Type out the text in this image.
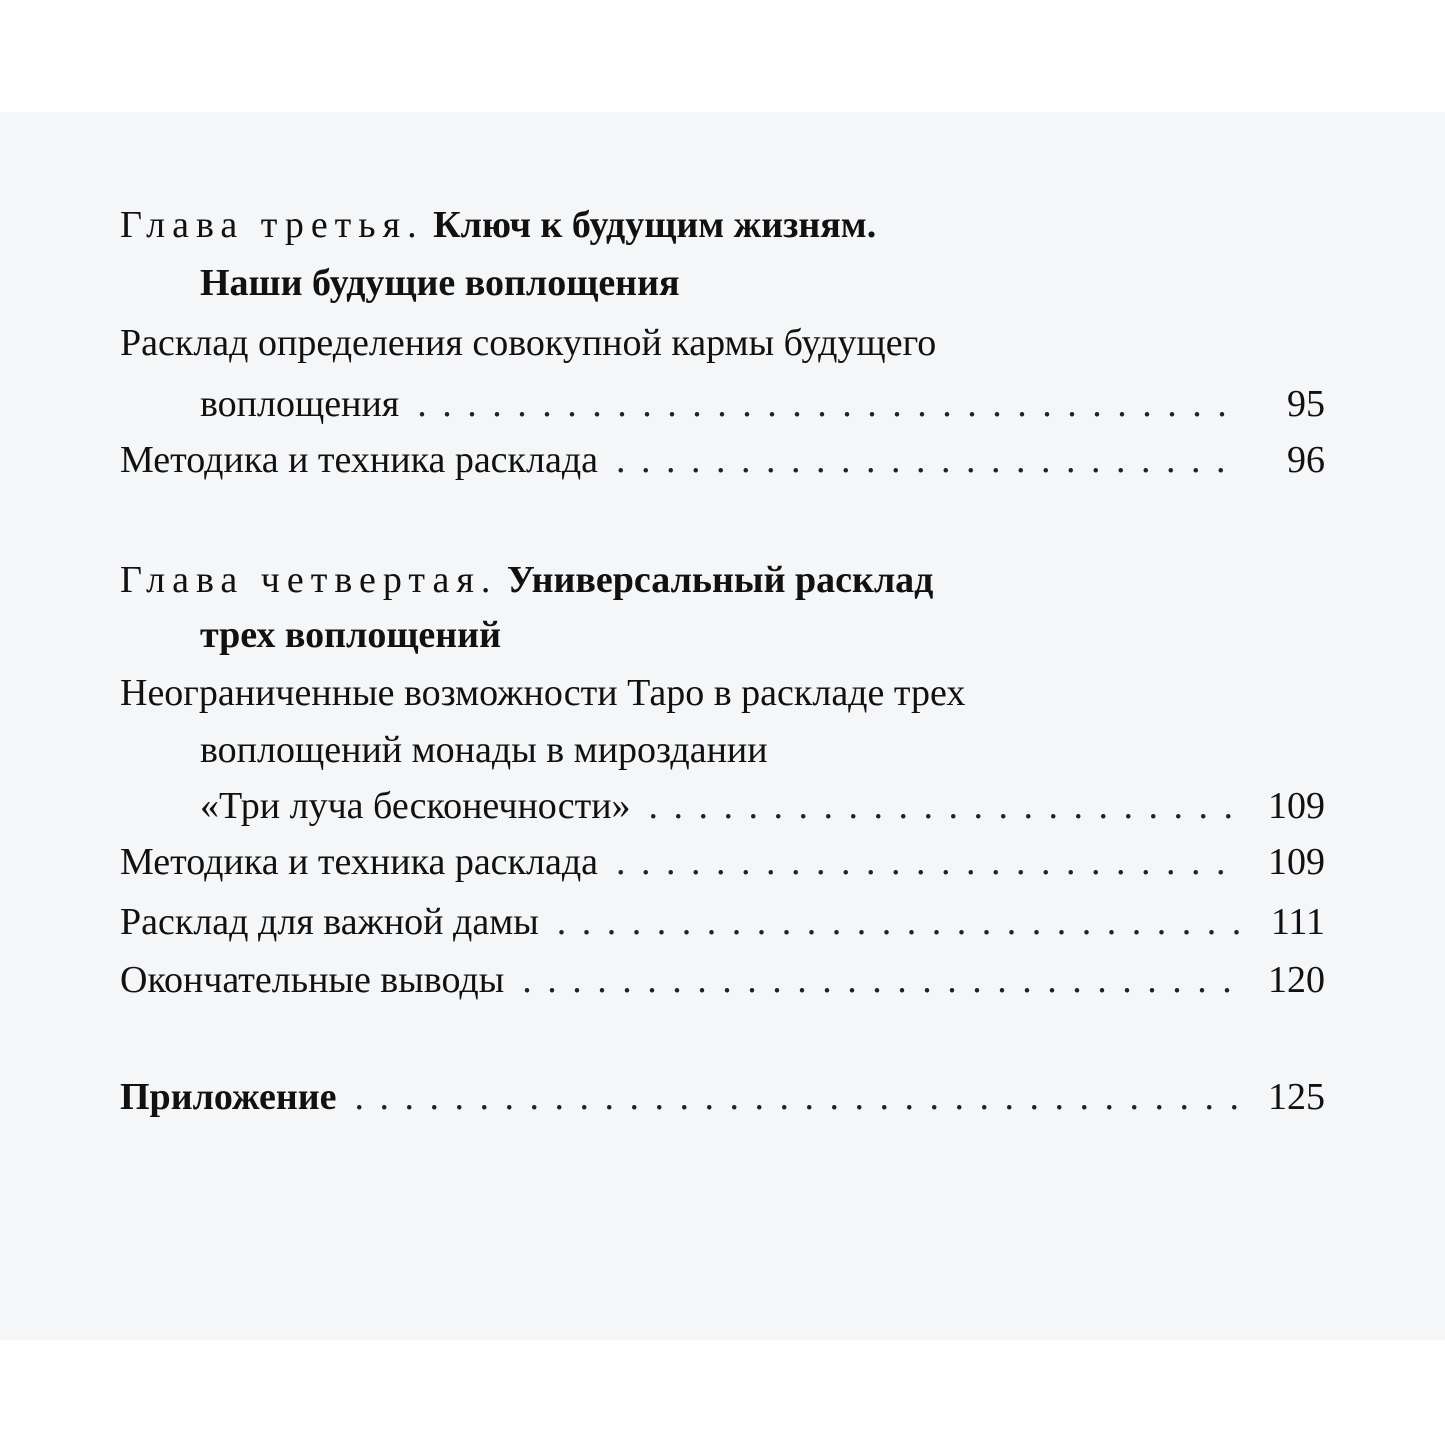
Глава третья.
Ключ к будущим жизням.
Наши будущие воплощения
Расклад определения совокупной кармы будущего
воплощения . . .	95
Методика и техника расклада . . .	96
Глава четвертая.
Универсальный расклад
трех воплощений
Неограниченные возможности Таро в раскладе трех
воплощений монады в мироздании
«Три луча бесконечности» . . .	109
Методика и техника расклада . . .	109
Расклад для важной дамы . . .	111
Окончательные выводы . . .	120
Приложение . . .	125
